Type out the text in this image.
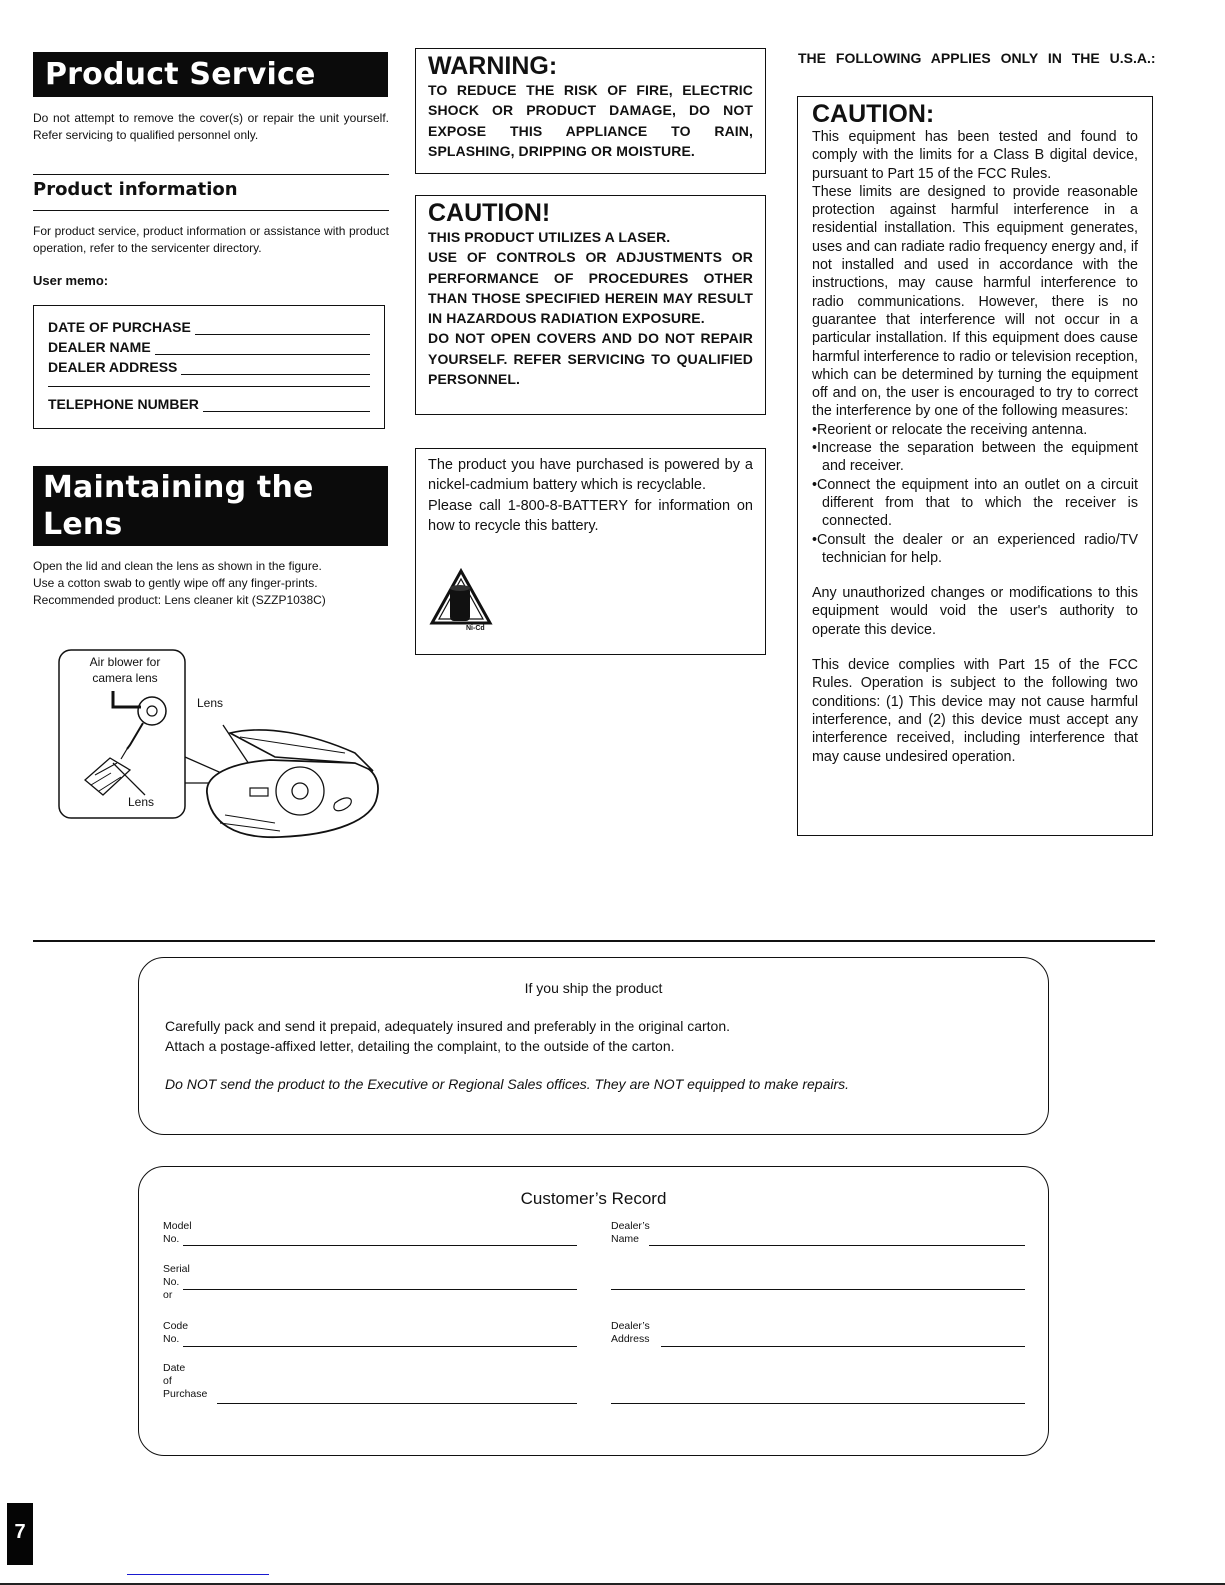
Product Service
Do not attempt to remove the cover(s) or repair the unit yourself. Refer servicing to qualified personnel only.
Product information
For product service, product information or assistance with product operation, refer to the servicenter directory.
User memo:
DATE OF PURCHASE
DEALER NAME
DEALER ADDRESS
TELEPHONE NUMBER
Maintaining the
Lens
Open the lid and clean the lens as shown in the figure.
Use a cotton swab to gently wipe off any finger-prints.
Recommended product: Lens cleaner kit (SZZP1038C)
Air blower for camera lens
Lens
Lens
WARNING:
TO REDUCE THE RISK OF FIRE, ELECTRIC SHOCK OR PRODUCT DAMAGE, DO NOT EXPOSE THIS APPLIANCE TO RAIN, SPLASHING, DRIPPING OR MOISTURE.
CAUTION!
THIS PRODUCT UTILIZES A LASER.
USE OF CONTROLS OR ADJUSTMENTS OR PERFORMANCE OF PROCEDURES OTHER THAN THOSE SPECIFIED HEREIN MAY RESULT IN HAZARDOUS RADIATION EXPOSURE.
DO NOT OPEN COVERS AND DO NOT REPAIR YOURSELF. REFER SERVICING TO QUALIFIED PERSONNEL.
The product you have purchased is powered by a nickel-cadmium battery which is recyclable.
Please call 1-800-8-BATTERY for information on how to recycle this battery.
Ni-Cd
THE FOLLOWING APPLIES ONLY IN THE U.S.A.:
CAUTION:
This equipment has been tested and found to comply with the limits for a Class B digital device, pursuant to Part 15 of the FCC Rules.
These limits are designed to provide reasonable protection against harmful interference in a residential installation. This equipment generates, uses and can radiate radio frequency energy and, if not installed and used in accordance with the instructions, may cause harmful interference to radio communications. However, there is no guarantee that interference will not occur in a particular installation. If this equipment does cause harmful interference to radio or television reception, which can be determined by turning the equipment off and on, the user is encouraged to try to correct the interference by one of the following measures:
•Reorient or relocate the receiving antenna.
•Increase the separation between the equipment and receiver.
•Connect the equipment into an outlet on a circuit different from that to which the receiver is connected.
•Consult the dealer or an experienced radio/TV technician for help.
Any unauthorized changes or modifications to this equipment would void the user's authority to operate this device.
This device complies with Part 15 of the FCC Rules. Operation is subject to the following two conditions: (1) This device may not cause harmful interference, and (2) this device must accept any interference received, including interference that may cause undesired operation.
If you ship the product
Carefully pack and send it prepaid, adequately insured and preferably in the original carton.
Attach a postage-affixed letter, detailing the complaint, to the outside of the carton.
Do NOT send the product to the Executive or Regional Sales offices. They are NOT equipped to make repairs.
Customer’s Record
Model
No.
Serial
No.
or
Code
No.
Date
of
Purchase
Dealer’s
Name
Dealer’s
Address
7
